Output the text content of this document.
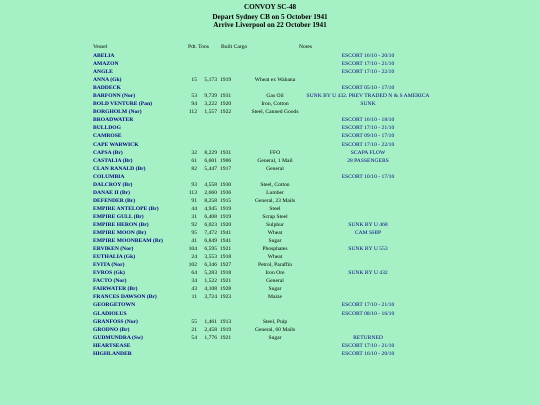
CONVOY SC-48
Depart Sydney CB on 5 October 1941
Arrive Liverpool on 22 October 1941
Vessel	Pdt. Tons Built Cargo	Notes
ABELIA	ESCORT 16/10 - 20/10
AMAZON	ESCORT 17/10 - 21/10
ANGLE	ESCORT 17/10 - 22/10
ANNA (Gk)	15	5,173 1919	Wheat ex Wabana
BADDECK	ESCORT 05/10 - 17/10
BARFONN (Nor)	53	9,739 1931	Gas Oil	SUNK BY U 432. PREV TRADED N & S AMERICA
BOLD VENTURE (Pan)	94	3,222 1920	Iron, Cotton	SUNK
BORGHOLM (Nor)	112	1,557 1922	Steel, Canned Goods
BROADWATER	ESCORT 16/10 - 18/10
BULLDOG	ESCORT 17/10 - 21/10
CAMROSE	ESCORT 09/10 - 17/10
CAPE WARWICK	ESCORT 17/10 - 22/10
CAPSA (Br)	32	8,229 1931	FFO	SCAPA FLOW
CASTALIA (Br)	61	6,601 1906	General, 1 Mail	28 PASSENGERS
CLAN RANALD (Br)	82	5,447 1917	General
COLUMBIA	ESCORT 10/10 - 17/10
DALCROY (Br)	93	4,558 1930	Steel, Cotton
DANAE II (Br)	113	2,660 1936	Lumber
DEFENDER (Br)	91	8,258 1915	General, 23 Mails
EMPIRE ANTELOPE (Br)	44	4,945 1919	Steel
EMPIRE GULL (Br)	31	6,408 1919	Scrap Steel
EMPIRE HERON (Br)	92	6,023 1920	Sulphur	SUNK BY U 468
EMPIRE MOON (Br)	95	7,472 1941	Wheat	CAM SHIP
EMPIRE MOONBEAM (Br)	41	6,849 1941	Sugar
ERVIKEN (Nor)	104	6,595 1921	Phosphates	SUNK BY U 553
EUTHALIA (Gk)	24	3,553 1918	Wheat
EVITA (Nor)	102	6,346 1927	Petrol, Paraffin
EVROS (Gk)	64	5,283 1918	Iron Ore	SUNK BY U 432
FACTO (Nor)	34	1,522 1921	General
FAIRWATER (Br)	43	4,108 1928	Sugar
FRANCES DAWSON (Br)	11	3,724 1923	Maize
GEORGETOWN	ESCORT 17/10 - 21/10
GLADIOLUS	ESCORT 08/10 - 16/10
GRANFOSS (Nor)	55	1,461 1913	Steel, Pulp
GRODNO (Br)	21	2,458 1919	General, 60 Mails
GUDMUNDRA (Sw)	54	1,776 1921	Sugar	RETURNED
HEARTSEASE	ESCORT 17/10 - 21/10
HIGHLANDER	ESCORT 16/10 - 20/10
